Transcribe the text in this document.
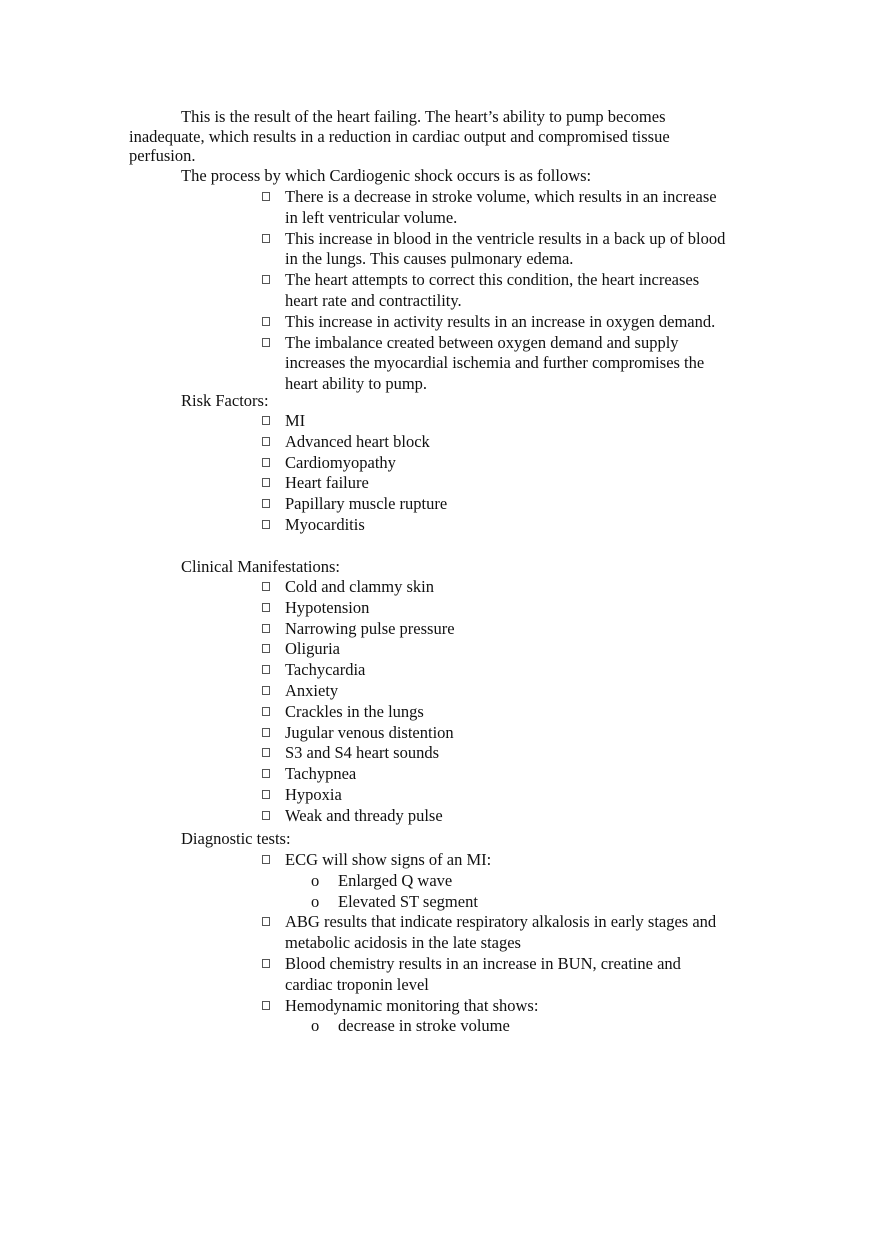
This is the result of the heart failing. The heart’s ability to pump becomes
inadequate, which results in a reduction in cardiac output and compromised tissue
perfusion.
The process by which Cardiogenic shock occurs is as follows:
There is a decrease in stroke volume, which results in an increase
in left ventricular volume.
This increase in blood in the ventricle results in a back up of blood
in the lungs. This causes pulmonary edema.
The heart attempts to correct this condition, the heart increases
heart rate and contractility.
This increase in activity results in an increase in oxygen demand.
The imbalance created between oxygen demand and supply
increases the myocardial ischemia and further compromises the
heart ability to pump.
Risk Factors:
MI
Advanced heart block
Cardiomyopathy
Heart failure
Papillary muscle rupture
Myocarditis
Clinical Manifestations:
Cold and clammy skin
Hypotension
Narrowing pulse pressure
Oliguria
Tachycardia
Anxiety
Crackles in the lungs
Jugular venous distention
S3 and S4 heart sounds
Tachypnea
Hypoxia
Weak and thready pulse
Diagnostic tests:
ECG will show signs of an MI:
o Enlarged Q wave
o Elevated ST segment
ABG results that indicate respiratory alkalosis in early stages and
metabolic acidosis in the late stages
Blood chemistry results in an increase in BUN, creatine and
cardiac troponin level
Hemodynamic monitoring that shows:
o decrease in stroke volume
